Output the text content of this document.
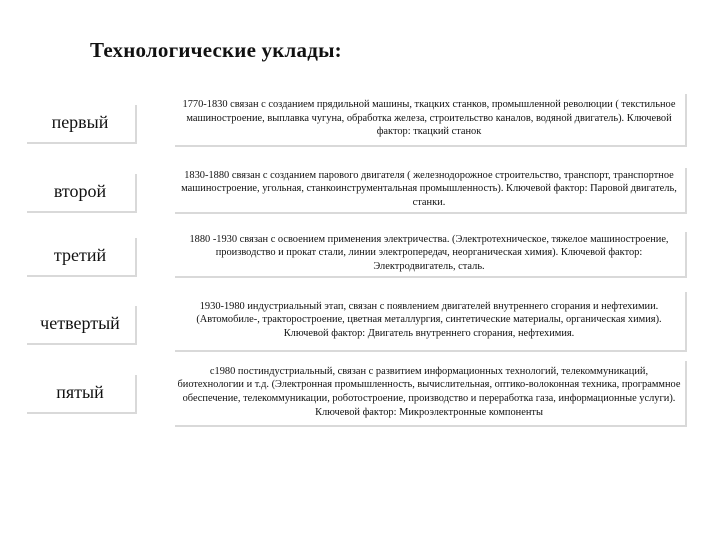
Технологические уклады:
первый
1770-1830 связан с созданием прядильной машины, ткацких станков, промышленной революции ( текстильное машиностроение, выплавка чугуна, обработка железа, строительство каналов, водяной двигатель). Ключевой фактор: ткацкий станок
второй
1830-1880 связан с созданием парового двигателя ( железнодорожное строительство, транспорт, транспортное машиностроение, угольная, станкоинструментальная промышленность). Ключевой фактор: Паровой двигатель, станки.
третий
1880 -1930 связан с освоением применения электричества. (Электротехническое, тяжелое машиностроение, производство и прокат стали, линии электропередач, неорганическая химия). Ключевой фактор: Электродвигатель, сталь.
четвертый
1930-1980 индустриальный этап, связан с появлением двигателей внутреннего сгорания и нефтехимии. (Автомобиле-, тракторостроение, цветная металлургия, синтетические материалы, органическая химия). Ключевой фактор: Двигатель внутреннего сгорания, нефтехимия.
пятый
с1980 постиндустриальный, связан с развитием информационных технологий, телекоммуникаций, биотехнологии и т.д. (Электронная промышленность, вычислительная, оптико-волоконная техника, программное обеспечение, телекоммуникации, роботостроение, производство и переработка газа, информационные услуги). Ключевой фактор: Микроэлектронные компоненты
